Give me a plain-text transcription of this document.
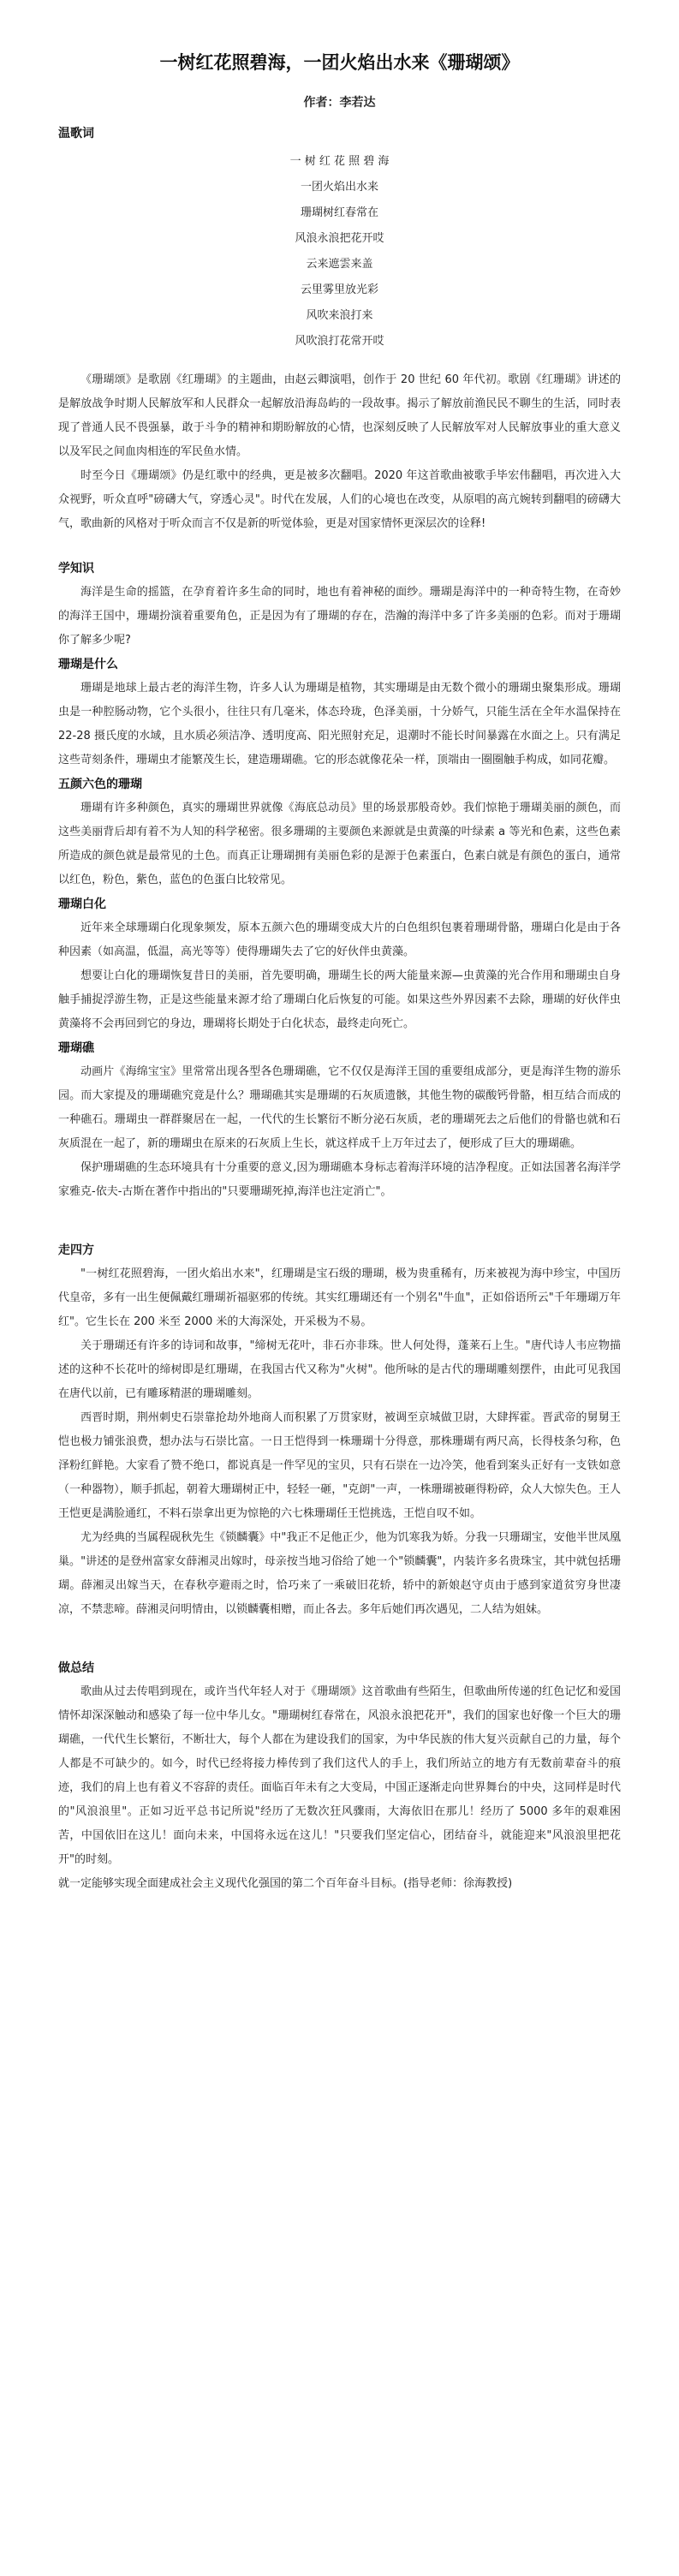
一树红花照碧海，一团火焰出水来《珊瑚颂》
作者：李若达
温歌词
一 树 红 花 照 碧 海
一团火焰出水来
珊瑚树红春常在
风浪永浪把花开哎
云来遮雲来盖
云里雾里放光彩
风吹来浪打来
风吹浪打花常开哎

《珊瑚颂》是歌剧《红珊瑚》的主题曲，由赵云卿演唱，创作于 20 世纪 60 年代初。歌剧《红珊瑚》讲述的是解放战争时期人民解放军和人民群众一起解放沿海岛屿的一段故事。揭示了解放前渔民民不聊生的生活，同时表现了普通人民不畏强暴，敢于斗争的精神和期盼解放的心情，也深刻反映了人民解放军对人民解放事业的重大意义以及军民之间血肉相连的军民鱼水情。

时至今日《珊瑚颂》仍是红歌中的经典，更是被多次翻唱。2020 年这首歌曲被歌手毕宏伟翻唱，再次进入大众视野，听众直呼"磅礴大气，穿透心灵"。时代在发展，人们的心境也在改变，从原唱的高亢婉转到翻唱的磅礴大气，歌曲新的风格对于听众而言不仅是新的听觉体验，更是对国家情怀更深层次的诠释!

学知识

海洋是生命的摇篮，在孕育着许多生命的同时，地也有着神秘的面纱。珊瑚是海洋中的一种奇特生物，在奇妙的海洋王国中，珊瑚扮演着重要角色，正是因为有了珊瑚的存在，浩瀚的海洋中多了许多美丽的色彩。而对于珊瑚你了解多少呢?

珊瑚是什么

珊瑚是地球上最古老的海洋生物，许多人认为珊瑚是植物，其实珊瑚是由无数个微小的珊瑚虫聚集形成。珊瑚虫是一种腔肠动物，它个头很小，往往只有几毫米，体态玲珑，色泽美丽，十分娇气，只能生活在全年水温保持在 22-28 摄氏度的水域，且水质必须洁净、透明度高、阳光照射充足，退潮时不能长时间暴露在水面之上。只有满足这些苛刻条件，珊瑚虫才能繁茂生长，建造珊瑚礁。它的形态就像花朵一样，顶端由一圈圈触手构成，如同花瓣。

五颜六色的珊瑚

珊瑚有许多种颜色，真实的珊瑚世界就像《海底总动员》里的场景那般奇妙。我们惊艳于珊瑚美丽的颜色，而这些美丽背后却有着不为人知的科学秘密。很多珊瑚的主要颜色来源就是虫黄藻的叶绿素 a 等光和色素，这些色素所造成的颜色就是最常见的土色。而真正让珊瑚拥有美丽色彩的是源于色素蛋白，色素白就是有颜色的蛋白，通常以红色，粉色，紫色，蓝色的色蛋白比较常见。

珊瑚白化

近年来全球珊瑚白化现象频发，原本五颜六色的珊瑚变成大片的白色组织包裹着珊瑚骨骼，珊瑚白化是由于各种因素（如高温，低温，高光等等）使得珊瑚失去了它的好伙伴虫黄藻。

想要让白化的珊瑚恢复昔日的美丽，首先要明确，珊瑚生长的两大能量来源—虫黄藻的光合作用和珊瑚虫自身触手捕捉浮游生物，正是这些能量来源才给了珊瑚白化后恢复的可能。如果这些外界因素不去除，珊瑚的好伙伴虫黄藻将不会再回到它的身边，珊瑚将长期处于白化状态，最终走向死亡。

珊瑚礁

动画片《海绵宝宝》里常常出现各型各色珊瑚礁，它不仅仅是海洋王国的重要组成部分，更是海洋生物的游乐园。而大家提及的珊瑚礁究竟是什么？珊瑚礁其实是珊瑚的石灰质遗骸，其他生物的碳酸钙骨骼，相互结合而成的一种礁石。珊瑚虫一群群聚居在一起，一代代的生长繁衍不断分泌石灰质，老的珊瑚死去之后他们的骨骼也就和石灰质混在一起了，新的珊瑚虫在原来的石灰质上生长，就这样成千上万年过去了，便形成了巨大的珊瑚礁。

保护珊瑚礁的生态环境具有十分重要的意义,因为珊瑚礁本身标志着海洋环境的洁净程度。正如法国著名海洋学家雅克-依夫-古斯在著作中指出的"只要珊瑚死掉,海洋也注定消亡"。

走四方

"一树红花照碧海，一团火焰出水来"，红珊瑚是宝石级的珊瑚，极为贵重稀有，历来被视为海中珍宝，中国历代皇帝，多有一出生便佩戴红珊瑚祈福驱邪的传统。其实红珊瑚还有一个别名"牛血"，正如俗语所云"千年珊瑚万年红"。它生长在 200 米至 2000 米的大海深处，开采极为不易。

关于珊瑚还有许多的诗词和故事，"缔树无花叶，非石亦非珠。世人何处得，蓬莱石上生。"唐代诗人韦应物描述的这种不长花叶的缔树即是红珊瑚，在我国古代又称为"火树"。他所咏的是古代的珊瑚雕刻摆件，由此可见我国在唐代以前，已有雕琢精湛的珊瑚雕刻。

西晋时期，荆州刺史石崇靠抢劫外地商人而积累了万贯家财，被调至京城做卫尉，大肆挥霍。晋武帝的舅舅王恺也极力铺张浪费，想办法与石崇比富。一日王恺得到一株珊瑚十分得意，那株珊瑚有两尺高，长得枝条匀称，色泽粉红鲜艳。大家看了赞不绝口，都说真是一件罕见的宝贝，只有石崇在一边冷笑，他看到案头正好有一支铁如意（一种器物），顺手抓起，朝着大珊瑚树正中，轻轻一砸，"克朗"一声，一株珊瑚被砸得粉碎，众人大惊失色。王人王恺更是满脸通红，不料石崇拿出更为惊艳的六七株珊瑚任王恺挑选，王恺自叹不如。

尤为经典的当属程砚秋先生《锁麟囊》中"我正不足他正少，他为饥寒我为娇。分我一只珊瑚宝，安他半世凤凰巢。"讲述的是登州富家女薛湘灵出嫁时，母亲按当地习俗给了她一个"锁麟囊"，内装许多名贵珠宝，其中就包括珊瑚。薛湘灵出嫁当天，在春秋亭避雨之时，恰巧来了一乘破旧花轿，轿中的新娘赵守贞由于感到家道贫穷身世凄凉，不禁悲啼。薛湘灵问明情由，以锁麟囊相赠，而止各去。多年后她们再次遇见，二人结为姐妹。

做总结

歌曲从过去传唱到现在，或许当代年轻人对于《珊瑚颂》这首歌曲有些陌生，但歌曲所传递的红色记忆和爱国情怀却深深触动和感染了每一位中华儿女。"珊瑚树红春常在，风浪永浪把花开"，我们的国家也好像一个巨大的珊瑚礁，一代代生长繁衍，不断壮大，每个人都在为建设我们的国家，为中华民族的伟大复兴贡献自己的力量，每个人都是不可缺少的。如今，时代已经将接力棒传到了我们这代人的手上，我们所站立的地方有无数前辈奋斗的痕迹，我们的肩上也有着义不容辞的责任。面临百年未有之大变局，中国正逐渐走向世界舞台的中央，这同样是时代的"风浪浪里"。正如习近平总书记所说"经历了无数次狂风骤雨，大海依旧在那儿！经历了 5000 多年的艰难困苦，中国依旧在这儿！面向未来，中国将永远在这儿！"只要我们坚定信心，团结奋斗，就能迎来"风浪浪里把花开"的时刻。

就一定能够实现全面建成社会主义现代化强国的第二个百年奋斗目标。(指导老师：徐海教授)
